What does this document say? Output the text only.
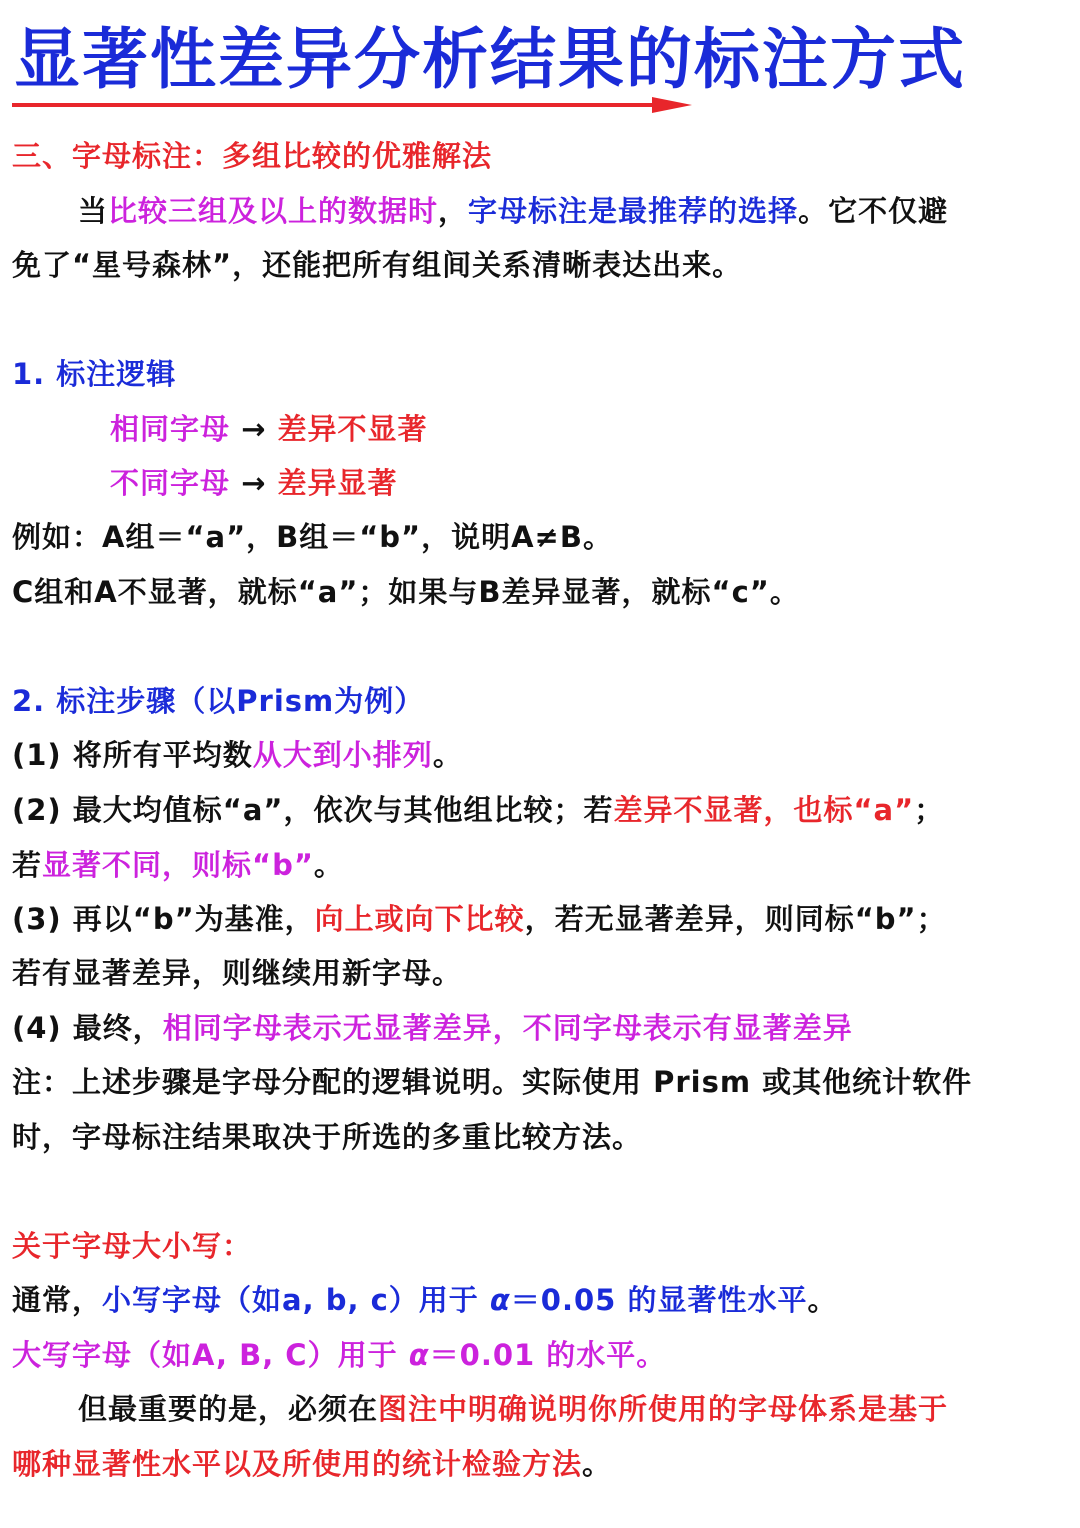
显著性差异分析结果的标注方式
三、字母标注：多组比较的优雅解法
当比较三组及以上的数据时，字母标注是最推荐的选择。它不仅避
免了“星号森林”，还能把所有组间关系清晰表达出来。
1. 标注逻辑
相同字母 → 差异不显著
不同字母 → 差异显著
例如：A组＝“a”，B组＝“b”，说明A≠B。
C组和A不显著，就标“a”；如果与B差异显著，就标“c”。
2. 标注步骤（以Prism为例）
(1) 将所有平均数从大到小排列。
(2) 最大均值标“a”，依次与其他组比较；若差异不显著，也标“a”；
若显著不同，则标“b”。
(3) 再以“b”为基准，向上或向下比较，若无显著差异，则同标“b”；
若有显著差异，则继续用新字母。
(4) 最终，相同字母表示无显著差异，不同字母表示有显著差异
注：上述步骤是字母分配的逻辑说明。实际使用 Prism 或其他统计软件
时，字母标注结果取决于所选的多重比较方法。
关于字母大小写：
通常，小写字母（如a, b, c）用于 α＝0.05 的显著性水平。
大写字母（如A, B, C）用于 α＝0.01 的水平。
但最重要的是，必须在图注中明确说明你所使用的字母体系是基于
哪种显著性水平以及所使用的统计检验方法。
